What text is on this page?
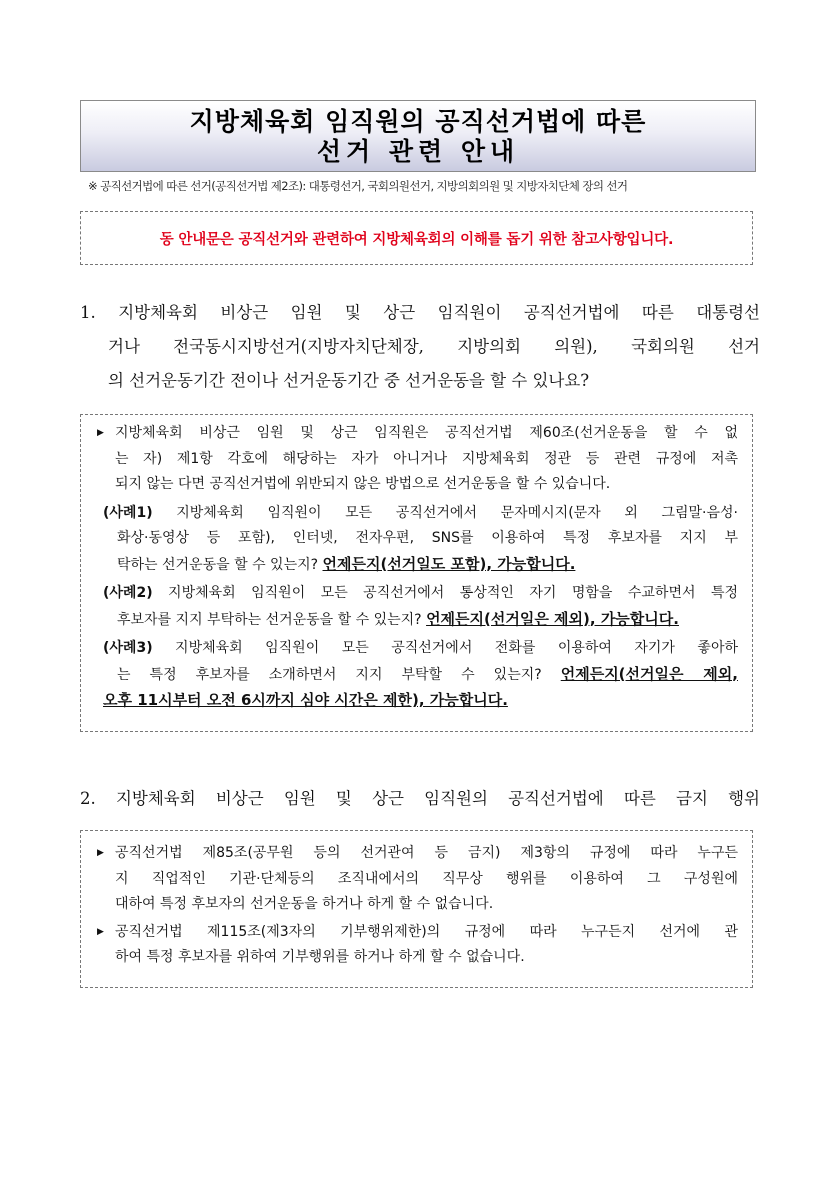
지방체육회 임직원의 공직선거법에 따른
선거 관련 안내
※ 공직선거법에 따른 선거(공직선거법 제2조): 대통령선거, 국회의원선거, 지방의회의원 및 지방자치단체 장의 선거
동 안내문은 공직선거와 관련하여 지방체육회의 이해를 돕기 위한 참고사항입니다.
1. 지방체육회 비상근 임원 및 상근 임직원이 공직선거법에 따른 대통령선
거나 전국동시지방선거(지방자치단체장, 지방의회 의원), 국회의원 선거
의 선거운동기간 전이나 선거운동기간 중 선거운동을 할 수 있나요?
▶ 지방체육회 비상근 임원 및 상근 임직원은 공직선거법 제60조(선거운동을 할 수 없
는 자) 제1항 각호에 해당하는 자가 아니거나 지방체육회 정관 등 관련 규정에 저촉
되지 않는 다면 공직선거법에 위반되지 않은 방법으로 선거운동을 할 수 있습니다.
(사례1) 지방체육회 임직원이 모든 공직선거에서 문자메시지(문자 외 그림말·음성·
화상·동영상 등 포함), 인터넷, 전자우편, SNS를 이용하여 특정 후보자를 지지 부
탁하는 선거운동을 할 수 있는지? 언제든지(선거일도 포함), 가능합니다.
(사례2) 지방체육회 임직원이 모든 공직선거에서 통상적인 자기 명함을 수교하면서 특정
후보자를 지지 부탁하는 선거운동을 할 수 있는지? 언제든지(선거일은 제외), 가능합니다.
(사례3) 지방체육회 임직원이 모든 공직선거에서 전화를 이용하여 자기가 좋아하
는 특정 후보자를 소개하면서 지지 부탁할 수 있는지? 언제든지(선거일은 제외,
오후 11시부터 오전 6시까지 심야 시간은 제한), 가능합니다.
2. 지방체육회 비상근 임원 및 상근 임직원의 공직선거법에 따른 금지 행위
▶ 공직선거법 제85조(공무원 등의 선거관여 등 금지) 제3항의 규정에 따라 누구든
지 직업적인 기관·단체등의 조직내에서의 직무상 행위를 이용하여 그 구성원에
대하여 특정 후보자의 선거운동을 하거나 하게 할 수 없습니다.
▶ 공직선거법 제115조(제3자의 기부행위제한)의 규정에 따라 누구든지 선거에 관
하여 특정 후보자를 위하여 기부행위를 하거나 하게 할 수 없습니다.
